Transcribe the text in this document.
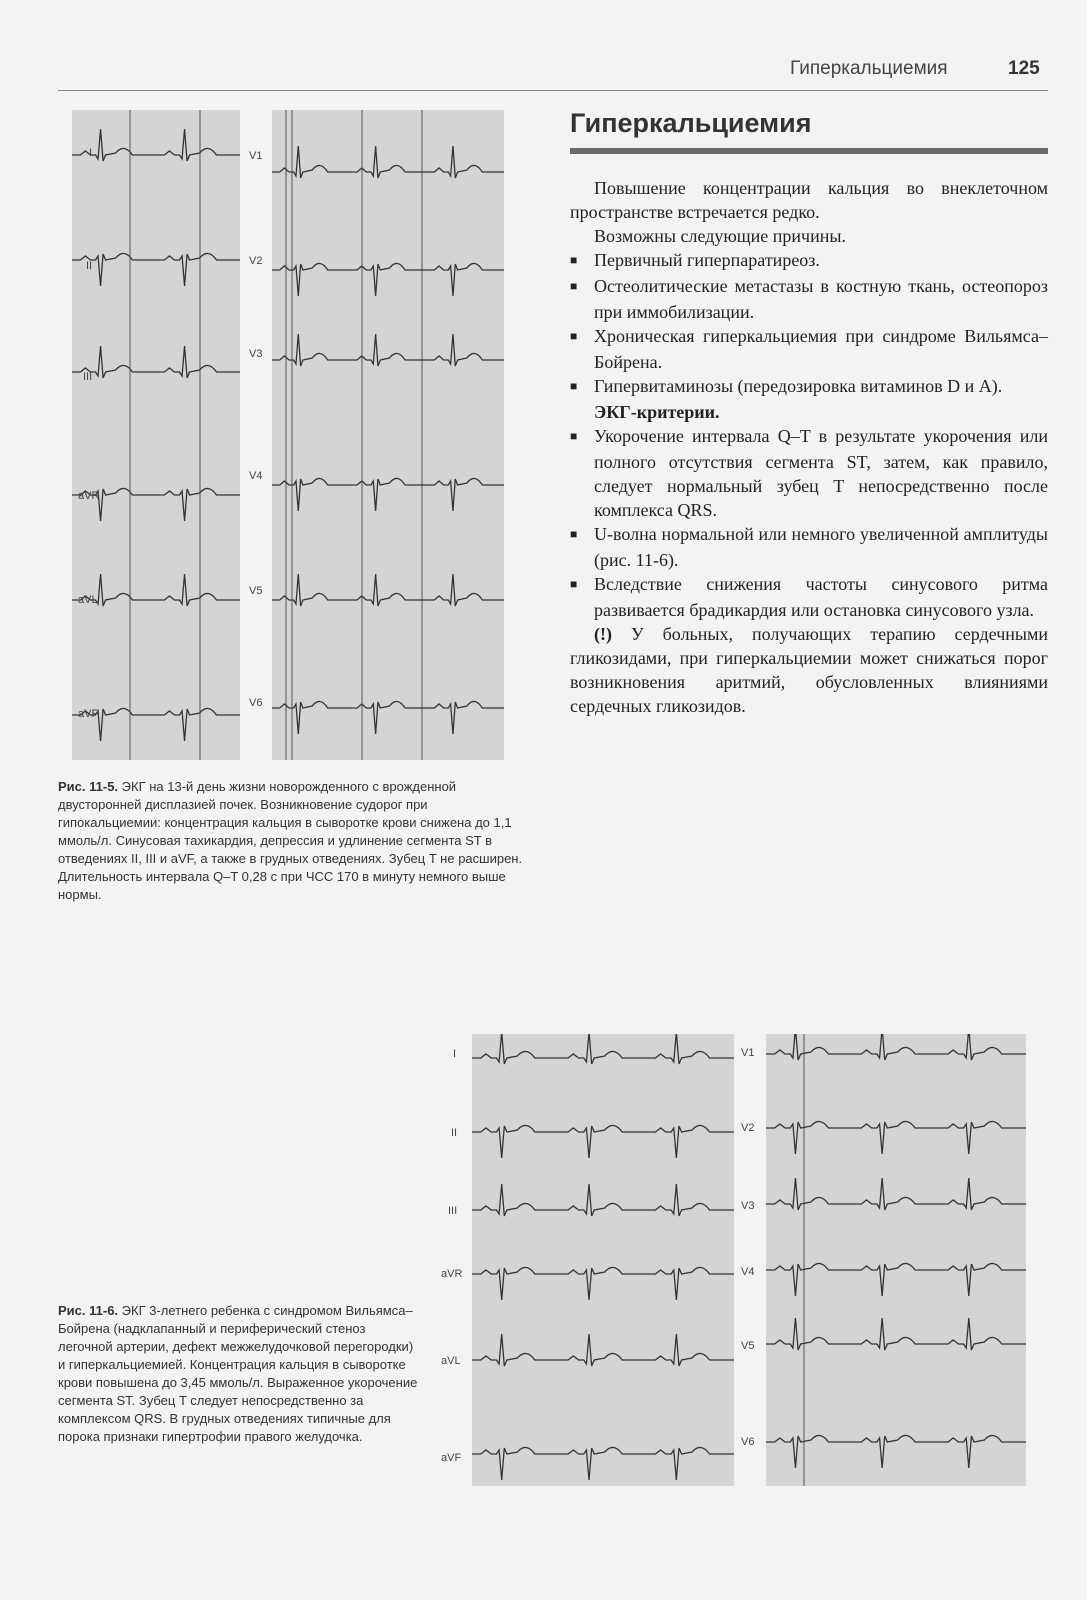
Гиперкальциемия	125
I
II
III
aVR
aVL
aVF
V1
V2
V3
V4
V5
V6
Рис. 11-5. ЭКГ на 13-й день жизни новорожденного с врожденной двусторонней дисплазией почек. Возникновение судорог при гипокальциемии: концентрация кальция в сыворотке крови снижена до 1,1 ммоль/л. Синусовая тахикардия, депрессия и удлинение сегмента ST в отведениях II, III и aVF, а также в грудных отведениях. Зубец T не расширен. Длительность интервала Q–T 0,28 с при ЧСС 170 в минуту немного выше нормы.
Гиперкальциемия

Повышение концентрации кальция во внеклеточном пространстве встречается редко.

Возможны следующие причины.

■ Первичный гиперпаратиреоз.

■ Остеолитические метастазы в костную ткань, остеопороз при иммобилизации.

■ Хроническая гиперкальциемия при синдроме Вильямса–Бойрена.

■ Гипервитаминозы (передозировка витаминов D и A).

ЭКГ-критерии.

■ Укорочение интервала Q–T в результате укорочения или полного отсутствия сегмента ST, затем, как правило, следует нормальный зубец T непосредственно после комплекса QRS.

■ U-волна нормальной или немного увеличенной амплитуды (рис. 11-6).

■ Вследствие снижения частоты синусового ритма развивается брадикардия или остановка синусового узла.

(!) У больных, получающих терапию сердечными гликозидами, при гиперкальциемии может снижаться порог возникновения аритмий, обусловленных влияниями сердечных гликозидов.

I
II
III
aVR
aVL
aVF
V1
V2
V3
V4
V5
V6
Рис. 11-6. ЭКГ 3-летнего ребенка с синдромом Вильямса–Бойрена (надклапанный и периферический стеноз легочной артерии, дефект межжелудочковой перегородки) и гиперкальциемией. Концентрация кальция в сыворотке крови повышена до 3,45 ммоль/л. Выраженное укорочение сегмента ST. Зубец T следует непосредственно за комплексом QRS. В грудных отведениях типичные для порока признаки гипертрофии правого желудочка.
